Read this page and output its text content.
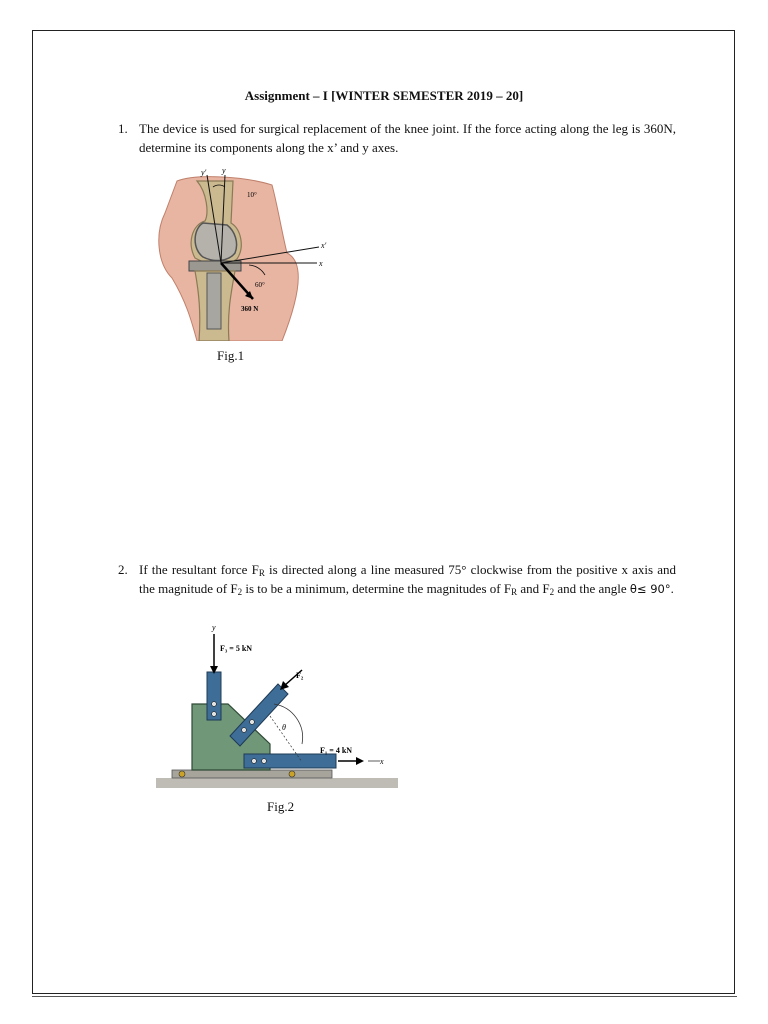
Assignment – I [WINTER SEMESTER 2019 – 20]
1. The device is used for surgical replacement of the knee joint. If the force acting along the leg is 360N, determine its components along the x’ and y axes.
y' y
x'
x
10°
60°
360 N
Fig.1
2. If the resultant force $F_R$ is directed along a line measured 75° clockwise from the positive x axis and the magnitude of $F_2$ is to be a minimum, determine the magnitudes of $F_R$ and $F_2$ and the angle θ≤ 90°.
y
F₃ = 5 kN
F₂
θ
F₁ = 4 kN
x
Fig.2
